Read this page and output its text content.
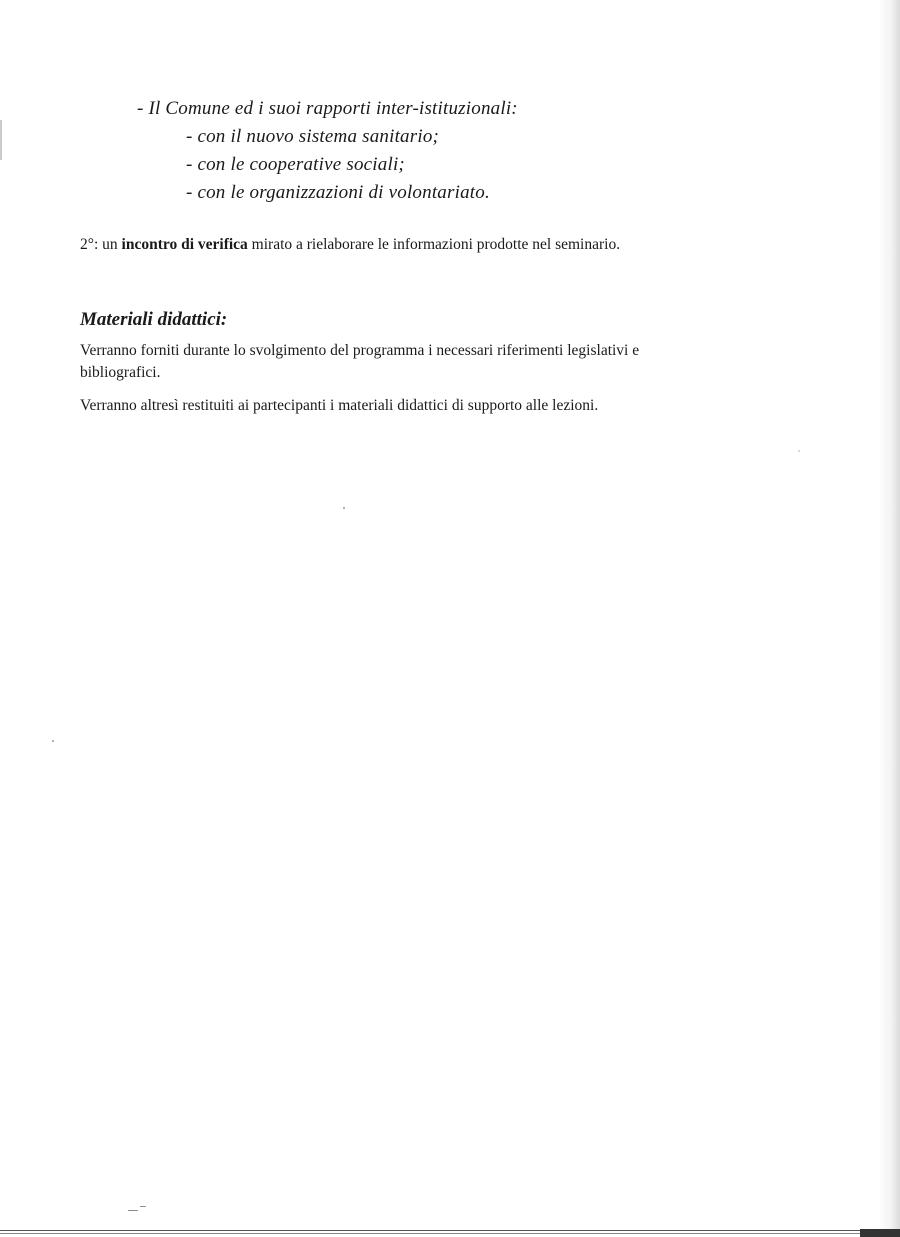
- Il Comune ed i suoi rapporti inter-istituzionali:
- con il nuovo sistema sanitario;
- con le cooperative sociali;
- con le organizzazioni di volontariato.
2°: un incontro di verifica mirato a rielaborare le informazioni prodotte nel seminario.
Materiali didattici:
Verranno forniti durante lo svolgimento del programma i necessari riferimenti legislativi e
bibliografici.
Verranno altresì restituiti ai partecipanti i materiali didattici di supporto alle lezioni.
